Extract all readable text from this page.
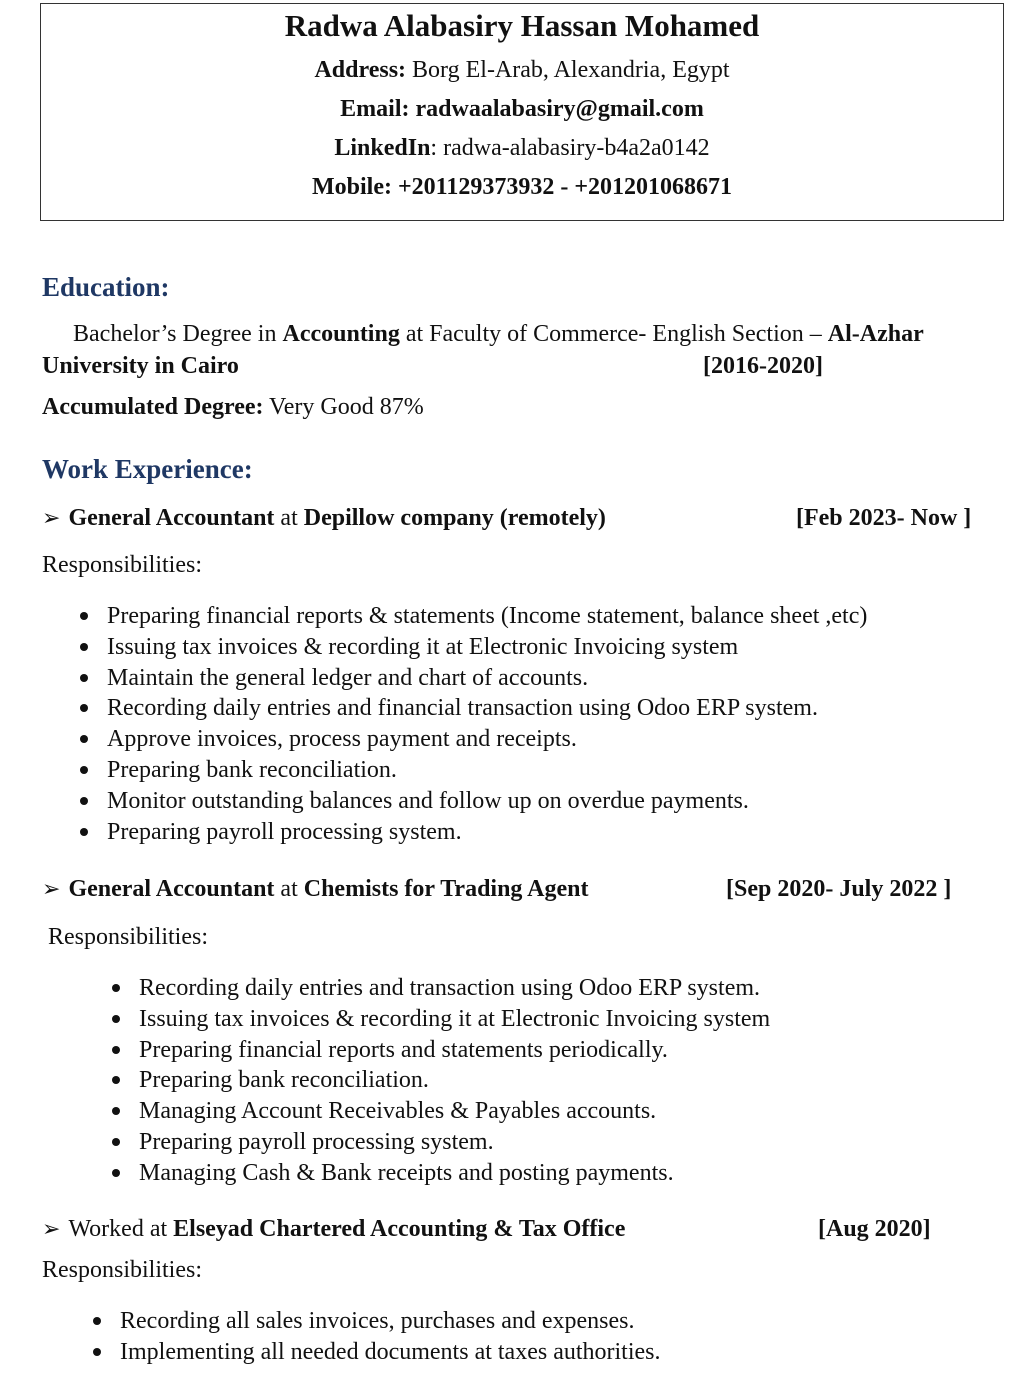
Radwa Alabasiry Hassan Mohamed
Address: Borg El-Arab, Alexandria, Egypt
Email: radwaalabasiry@gmail.com
LinkedIn: radwa-alabasiry-b4a2a0142
Mobile: +201129373932 - +201201068671
Education:
Bachelor’s Degree in Accounting at Faculty of Commerce- English Section – Al-Azhar
University in Cairo	[2016-2020]
Accumulated Degree: Very Good 87%
Work Experience:
➢ General Accountant at Depillow company (remotely)	[Feb 2023- Now ]
Responsibilities:
Preparing financial reports & statements (Income statement, balance sheet ,etc)
Issuing tax invoices & recording it at Electronic Invoicing system
Maintain the general ledger and chart of accounts.
Recording daily entries and financial transaction using Odoo ERP system.
Approve invoices, process payment and receipts.
Preparing bank reconciliation.
Monitor outstanding balances and follow up on overdue payments.
Preparing payroll processing system.
➢ General Accountant at Chemists for Trading Agent	[Sep 2020- July 2022 ]
Responsibilities:
Recording daily entries and transaction using Odoo ERP system.
Issuing tax invoices & recording it at Electronic Invoicing system
Preparing financial reports and statements periodically.
Preparing bank reconciliation.
Managing Account Receivables & Payables accounts.
Preparing payroll processing system.
Managing Cash & Bank receipts and posting payments.
➢ Worked at Elseyad Chartered Accounting & Tax Office	[Aug 2020]
Responsibilities:
Recording all sales invoices, purchases and expenses.
Implementing all needed documents at taxes authorities.
